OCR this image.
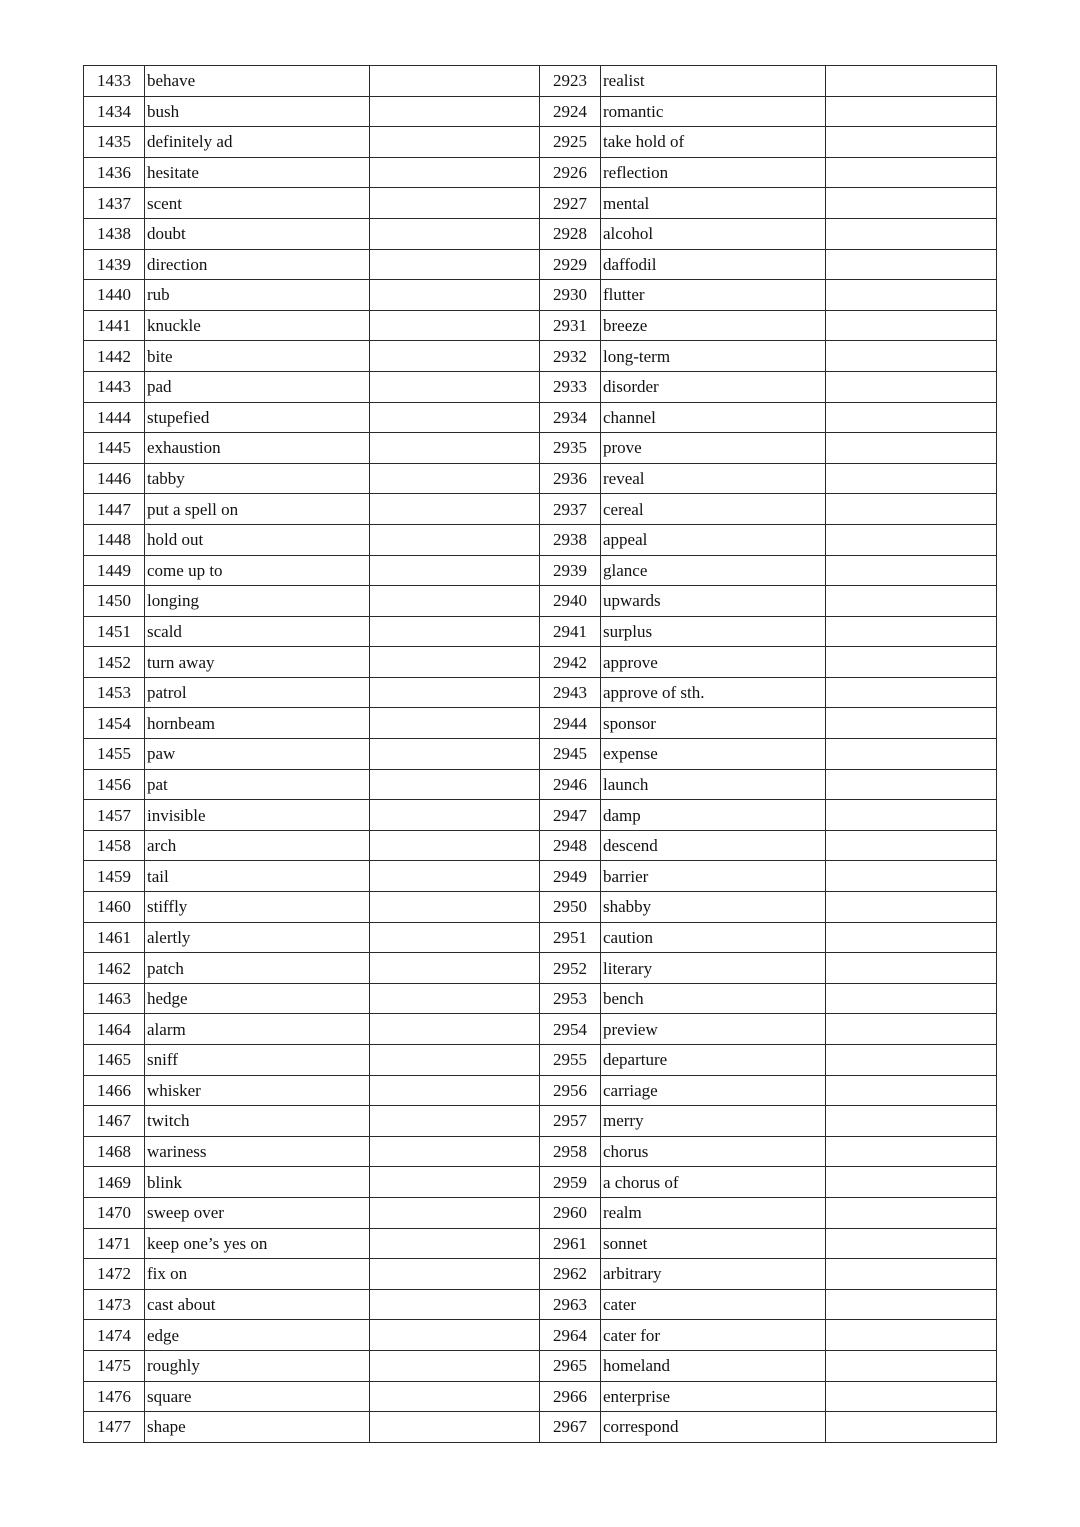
1433	behave		2923	realist	
1434	bush		2924	romantic	
1435	definitely ad		2925	take hold of	
1436	hesitate		2926	reflection	
1437	scent		2927	mental	
1438	doubt		2928	alcohol	
1439	direction		2929	daffodil	
1440	rub		2930	flutter	
1441	knuckle		2931	breeze	
1442	bite		2932	long-term	
1443	pad		2933	disorder	
1444	stupefied		2934	channel	
1445	exhaustion		2935	prove	
1446	tabby		2936	reveal	
1447	put a spell on		2937	cereal	
1448	hold out		2938	appeal	
1449	come up to		2939	glance	
1450	longing		2940	upwards	
1451	scald		2941	surplus	
1452	turn away		2942	approve	
1453	patrol		2943	approve of sth.	
1454	hornbeam		2944	sponsor	
1455	paw		2945	expense	
1456	pat		2946	launch	
1457	invisible		2947	damp	
1458	arch		2948	descend	
1459	tail		2949	barrier	
1460	stiffly		2950	shabby	
1461	alertly		2951	caution	
1462	patch		2952	literary	
1463	hedge		2953	bench	
1464	alarm		2954	preview	
1465	sniff		2955	departure	
1466	whisker		2956	carriage	
1467	twitch		2957	merry	
1468	wariness		2958	chorus	
1469	blink		2959	a chorus of	
1470	sweep over		2960	realm	
1471	keep one’s yes on		2961	sonnet	
1472	fix on		2962	arbitrary	
1473	cast about		2963	cater	
1474	edge		2964	cater for	
1475	roughly		2965	homeland	
1476	square		2966	enterprise	
1477	shape		2967	correspond	
